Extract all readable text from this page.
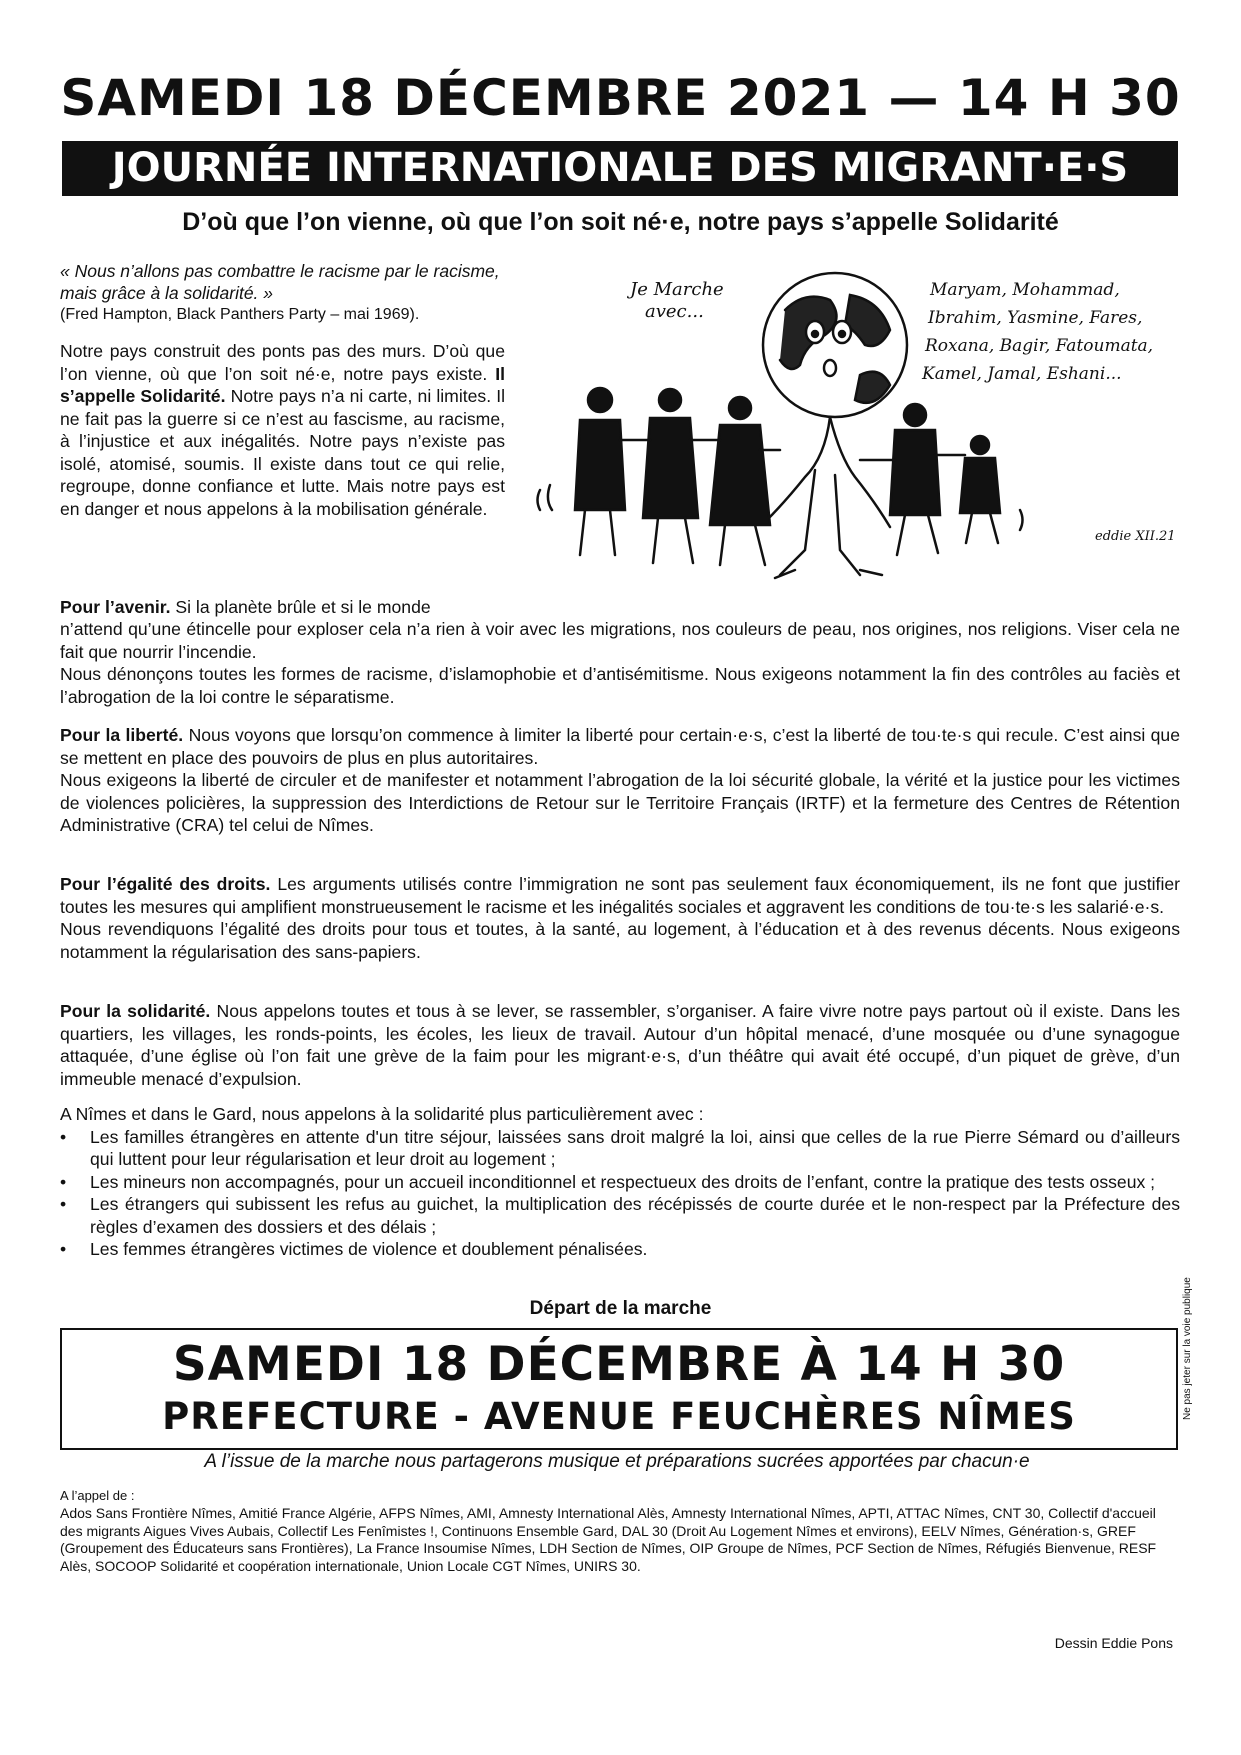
SAMEDI 18 DÉCEMBRE 2021 — 14 H 30
JOURNÉE INTERNATIONALE DES MIGRANT·E·S
D’où que l’on vienne, où que l’on soit né·e, notre pays s’appelle Solidarité

« Nous n’allons pas combattre le racisme par le racisme, mais grâce à la solidarité. »

(Fred Hampton, Black Panthers Party – mai 1969).

Notre pays construit des ponts pas des murs. D’où que l’on vienne, où que l’on soit né·e, notre pays existe. Il s’appelle Solidarité. Notre pays n’a ni carte, ni limites. Il ne fait pas la guerre si ce n’est au fascisme, au racisme, à l’injustice et aux inégalités. Notre pays n’existe pas isolé, atomisé, soumis. Il existe dans tout ce qui relie, regroupe, donne confiance et lutte. Mais notre pays est en danger et nous appelons à la mobilisation générale.

Je Marche avec...
Maryam, Mohammad, Ibrahim, Yasmine, Fares, Roxana, Bagir, Fatoumata, Kamel, Jamal, Eshani...
eddie XII.21

Pour l’avenir. Si la planète brûle et si le monde

n’attend qu’une étincelle pour exploser cela n’a rien à voir avec les migrations, nos couleurs de peau, nos origines, nos religions. Viser cela ne fait que nourrir l’incendie.

Nous dénonçons toutes les formes de racisme, d’islamophobie et d’antisémitisme. Nous exigeons notamment la fin des contrôles au faciès et l’abrogation de la loi contre le séparatisme.

Pour la liberté. Nous voyons que lorsqu’on commence à limiter la liberté pour certain·e·s, c’est la liberté de tou·te·s qui recule. C’est ainsi que se mettent en place des pouvoirs de plus en plus autoritaires.

Nous exigeons la liberté de circuler et de manifester et notamment l’abrogation de la loi sécurité globale, la vérité et la justice pour les victimes de violences policières, la suppression des Interdictions de Retour sur le Territoire Français (IRTF) et la fermeture des Centres de Rétention Administrative (CRA) tel celui de Nîmes.

Pour l’égalité des droits. Les arguments utilisés contre l’immigration ne sont pas seulement faux économiquement, ils ne font que justifier toutes les mesures qui amplifient monstrueusement le racisme et les inégalités sociales et aggravent les conditions de tou·te·s les salarié·e·s.

Nous revendiquons l’égalité des droits pour tous et toutes, à la santé, au logement, à l’éducation et à des revenus décents. Nous exigeons notamment la régularisation des sans-papiers.

Pour la solidarité. Nous appelons toutes et tous à se lever, se rassembler, s’organiser. A faire vivre notre pays partout où il existe. Dans les quartiers, les villages, les ronds-points, les écoles, les lieux de travail. Autour d’un hôpital menacé, d’une mosquée ou d’une synagogue attaquée, d’une église où l’on fait une grève de la faim pour les migrant·e·s, d’un théâtre qui avait été occupé, d’un piquet de grève, d’un immeuble menacé d’expulsion.

A Nîmes et dans le Gard, nous appelons à la solidarité plus particulièrement avec :

• Les familles étrangères en attente d'un titre séjour, laissées sans droit malgré la loi, ainsi que celles de la rue Pierre Sémard ou d’ailleurs qui luttent pour leur régularisation et leur droit au logement ;
• Les mineurs non accompagnés, pour un accueil inconditionnel et respectueux des droits de l’enfant, contre la pratique des tests osseux ;
• Les étrangers qui subissent les refus au guichet, la multiplication des récépissés de courte durée et le non-respect par la Préfecture des règles d’examen des dossiers et des délais ;
• Les femmes étrangères victimes de violence et doublement pénalisées.

Départ de la marche

SAMEDI 18 DÉCEMBRE À 14 H 30

PREFECTURE - AVENUE FEUCHÈRES NÎMES

A l’issue de la marche nous partagerons musique et préparations sucrées apportées par chacun·e

A l’appel de :

Ados Sans Frontière Nîmes, Amitié France Algérie, AFPS Nîmes, AMI, Amnesty International Alès, Amnesty International Nîmes, APTI, ATTAC Nîmes, CNT 30, Collectif d'accueil des migrants Aigues Vives Aubais, Collectif Les Fenîmistes !, Continuons Ensemble Gard, DAL 30 (Droit Au Logement Nîmes et environs), EELV Nîmes, Génération·s, GREF (Groupement des Éducateurs sans Frontières), La France Insoumise Nîmes, LDH Section de Nîmes, OIP Groupe de Nîmes, PCF Section de Nîmes, Réfugiés Bienvenue, RESF Alès, SOCOOP Solidarité et coopération internationale, Union Locale CGT Nîmes, UNIRS 30.

Dessin Eddie Pons

Ne pas jeter sur la voie publique
